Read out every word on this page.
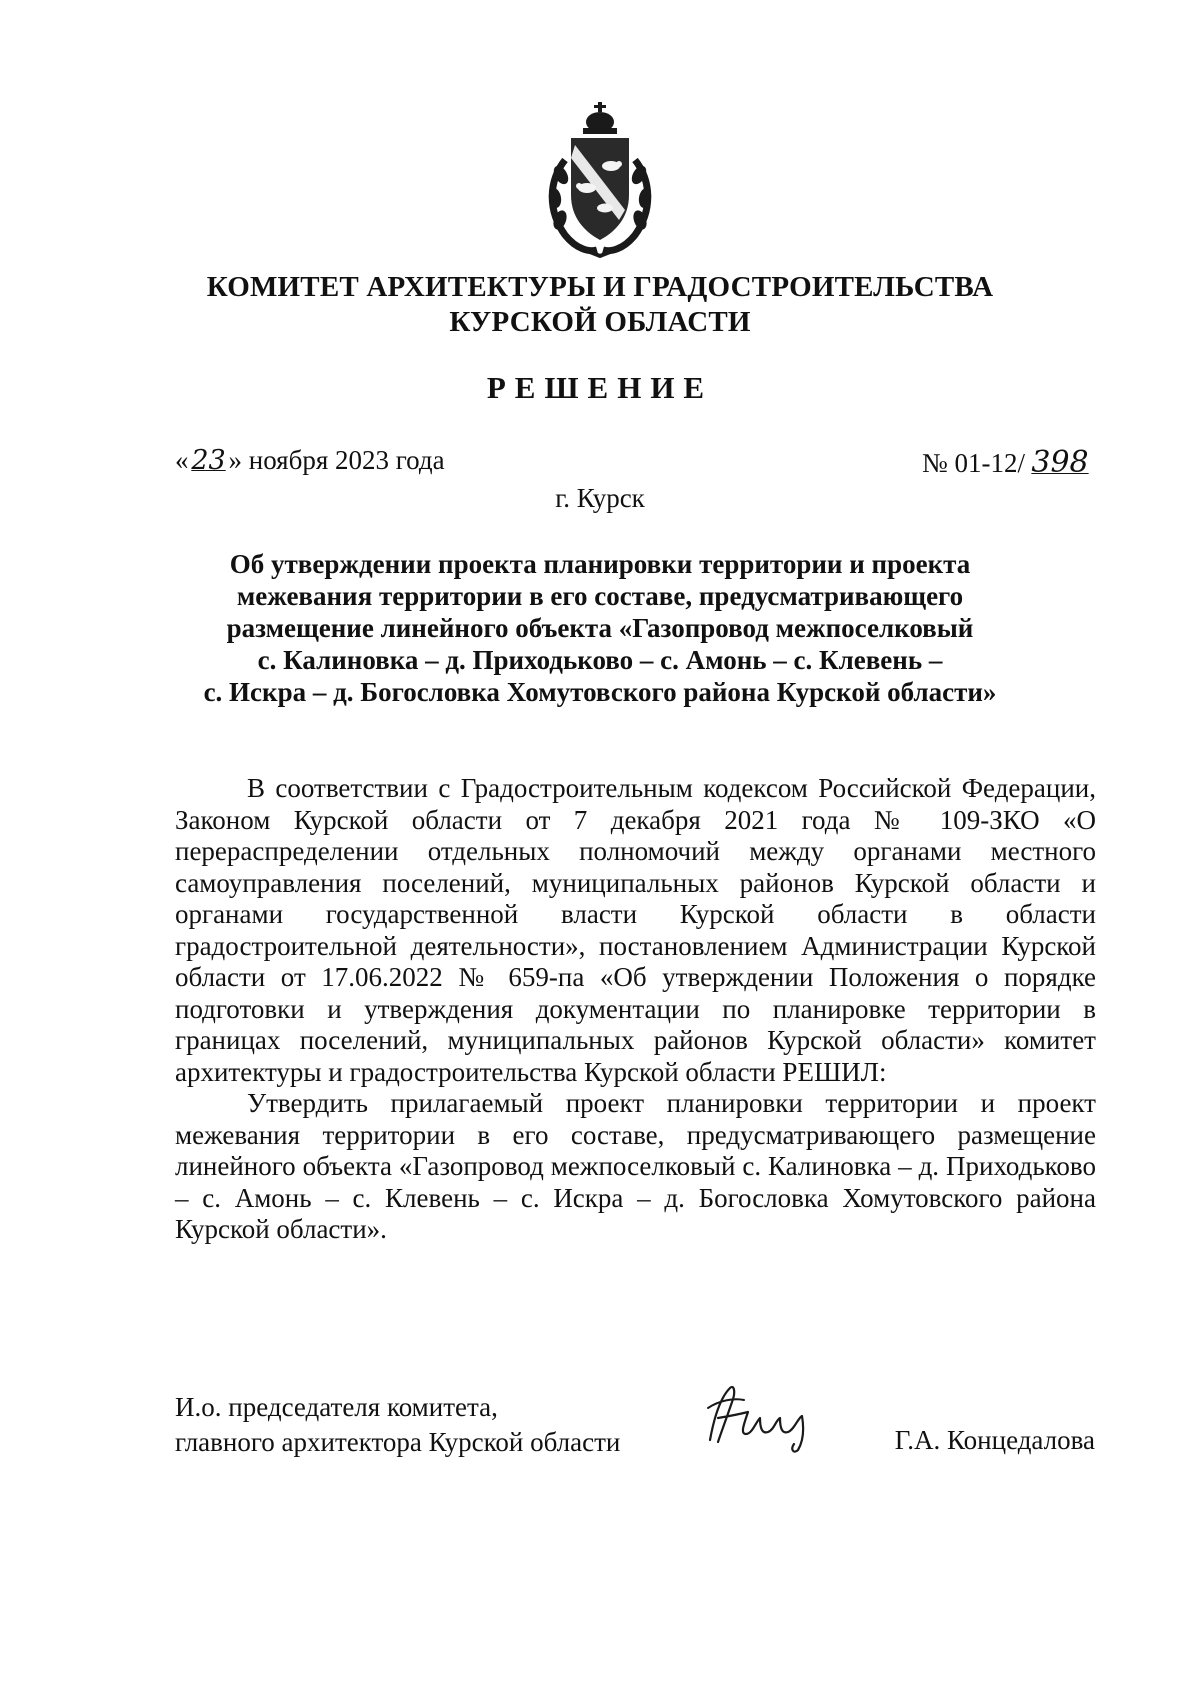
КОМИТЕТ АРХИТЕКТУРЫ И ГРАДОСТРОИТЕЛЬСТВА
КУРСКОЙ ОБЛАСТИ
РЕШЕНИЕ
« 23 » ноября 2023 года	№ 01-12/ 398
г. Курск
Об утверждении проекта планировки территории и проекта
межевания территории в его составе, предусматривающего
размещение линейного объекта «Газопровод межпоселковый
с. Калиновка – д. Приходьково – с. Амонь – с. Клевень –
с. Искра – д. Богословка Хомутовского района Курской области»

В соответствии с Градостроительным кодексом Российской Федерации, Законом Курской области от 7 декабря 2021 года № 109-ЗКО «О перераспределении отдельных полномочий между органами местного самоуправления поселений, муниципальных районов Курской области и органами государственной власти Курской области в области градостроительной деятельности», постановлением Администрации Курской области от 17.06.2022 № 659-па «Об утверждении Положения о порядке подготовки и утверждения документации по планировке территории в границах поселений, муниципальных районов Курской области» комитет архитектуры и градостроительства Курской области РЕШИЛ:

Утвердить прилагаемый проект планировки территории и проект межевания территории в его составе, предусматривающего размещение линейного объекта «Газопровод межпоселковый с. Калиновка – д. Приходьково – с. Амонь – с. Клевень – с. Искра – д. Богословка Хомутовского района Курской области».

И.о. председателя комитета,
главного архитектора Курской области	Г.А. Концедалова
